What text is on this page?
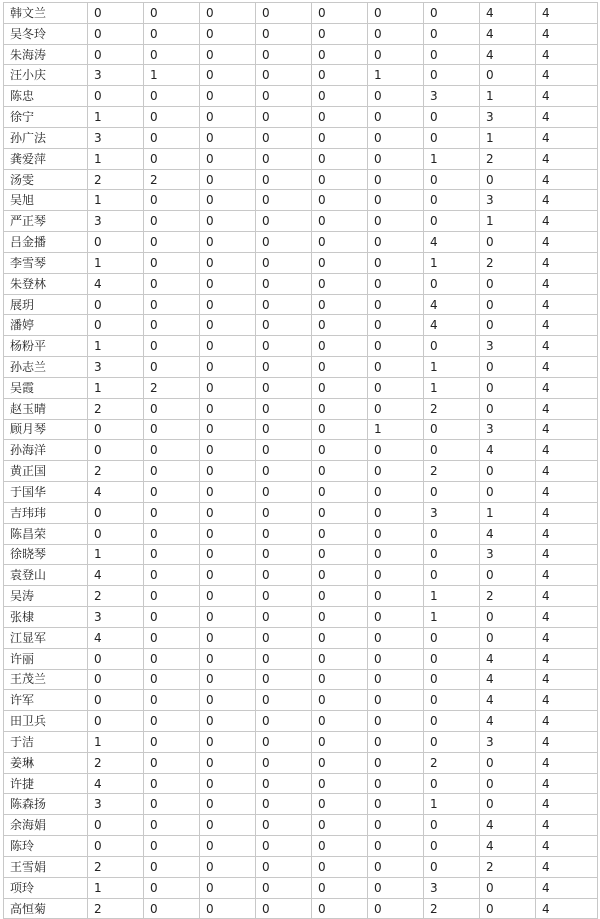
韩文兰	0	0	0	0	0	0	0	4	4
吴冬玲	0	0	0	0	0	0	0	4	4
朱海涛	0	0	0	0	0	0	0	4	4
汪小庆	3	1	0	0	0	1	0	0	4
陈忠	0	0	0	0	0	0	3	1	4
徐宁	1	0	0	0	0	0	0	3	4
孙广法	3	0	0	0	0	0	0	1	4
龚爱萍	1	0	0	0	0	0	1	2	4
汤雯	2	2	0	0	0	0	0	0	4
吴旭	1	0	0	0	0	0	0	3	4
严正琴	3	0	0	0	0	0	0	1	4
吕金播	0	0	0	0	0	0	4	0	4
李雪琴	1	0	0	0	0	0	1	2	4
朱登林	4	0	0	0	0	0	0	0	4
展玥	0	0	0	0	0	0	4	0	4
潘婷	0	0	0	0	0	0	4	0	4
杨粉平	1	0	0	0	0	0	0	3	4
孙志兰	3	0	0	0	0	0	1	0	4
吴霞	1	2	0	0	0	0	1	0	4
赵玉晴	2	0	0	0	0	0	2	0	4
顾月琴	0	0	0	0	0	1	0	3	4
孙海洋	0	0	0	0	0	0	0	4	4
黄正国	2	0	0	0	0	0	2	0	4
于国华	4	0	0	0	0	0	0	0	4
吉玮玮	0	0	0	0	0	0	3	1	4
陈昌荣	0	0	0	0	0	0	0	4	4
徐晓琴	1	0	0	0	0	0	0	3	4
袁登山	4	0	0	0	0	0	0	0	4
吴涛	2	0	0	0	0	0	1	2	4
张棣	3	0	0	0	0	0	1	0	4
江显军	4	0	0	0	0	0	0	0	4
许丽	0	0	0	0	0	0	0	4	4
王茂兰	0	0	0	0	0	0	0	4	4
许军	0	0	0	0	0	0	0	4	4
田卫兵	0	0	0	0	0	0	0	4	4
于洁	1	0	0	0	0	0	0	3	4
姜琳	2	0	0	0	0	0	2	0	4
许捷	4	0	0	0	0	0	0	0	4
陈森扬	3	0	0	0	0	0	1	0	4
余海娟	0	0	0	0	0	0	0	4	4
陈玲	0	0	0	0	0	0	0	4	4
王雪娟	2	0	0	0	0	0	0	2	4
项玲	1	0	0	0	0	0	3	0	4
高恒菊	2	0	0	0	0	0	2	0	4
